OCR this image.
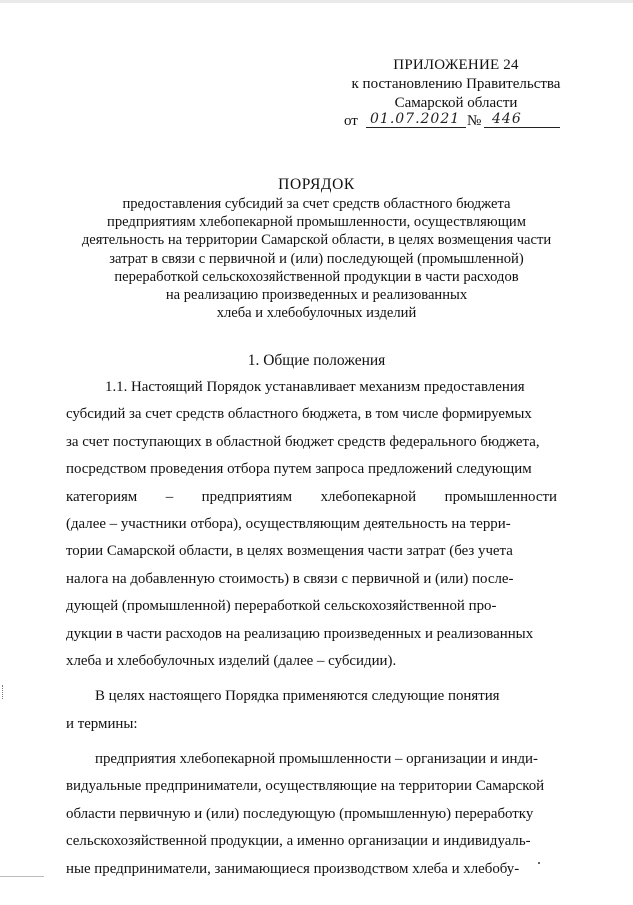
ПРИЛОЖЕНИЕ 24
к постановлению Правительства
Самарской области
от 01.07.2021 № 446
ПОРЯДОК
предоставления субсидий за счет средств областного бюджета
предприятиям хлебопекарной промышленности, осуществляющим
деятельность на территории Самарской области, в целях возмещения части
затрат в связи с первичной и (или) последующей (промышленной)
переработкой сельскохозяйственной продукции в части расходов
на реализацию произведенных и реализованных
хлеба и хлебобулочных изделий
1. Общие положения
1.1. Настоящий Порядок устанавливает механизм предоставления
субсидий за счет средств областного бюджета, в том числе формируемых
за счет поступающих в областной бюджет средств федерального бюджета,
посредством проведения отбора путем запроса предложений следующим
категориям – предприятиям хлебопекарной промышленности
(далее – участники отбора), осуществляющим деятельность на терри-
тории Самарской области, в целях возмещения части затрат (без учета
налога на добавленную стоимость) в связи с первичной и (или) после-
дующей (промышленной) переработкой сельскохозяйственной про-
дукции в части расходов на реализацию произведенных и реализованных
хлеба и хлебобулочных изделий (далее – субсидии).
В целях настоящего Порядка применяются следующие понятия
и термины:
предприятия хлебопекарной промышленности – организации и инди-
видуальные предприниматели, осуществляющие на территории Самарской
области первичную и (или) последующую (промышленную) переработку
сельскохозяйственной продукции, а именно организации и индивидуаль-
ные предприниматели, занимающиеся производством хлеба и хлебобу-
